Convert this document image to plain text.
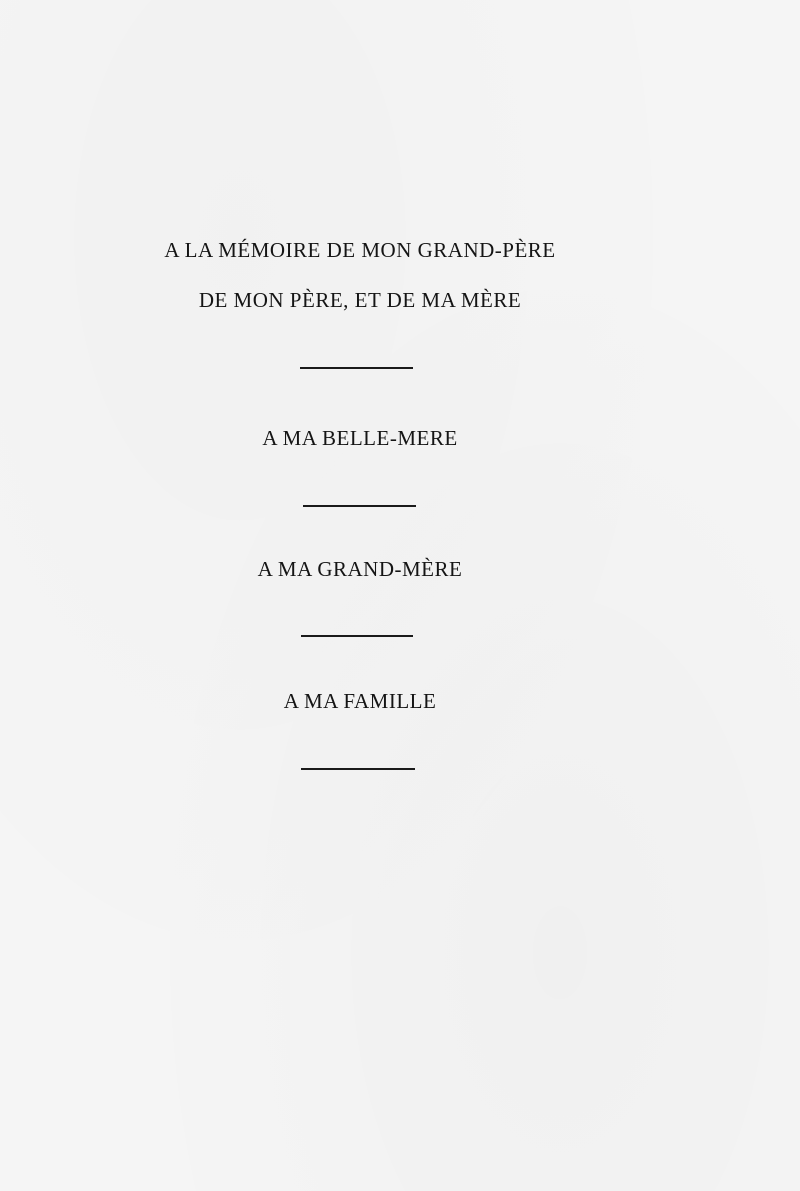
A LA MÉMOIRE DE MON GRAND-PÈRE
DE MON PÈRE, ET DE MA MÈRE
A MA BELLE-MERE
A MA GRAND-MÈRE
A MA FAMILLE
